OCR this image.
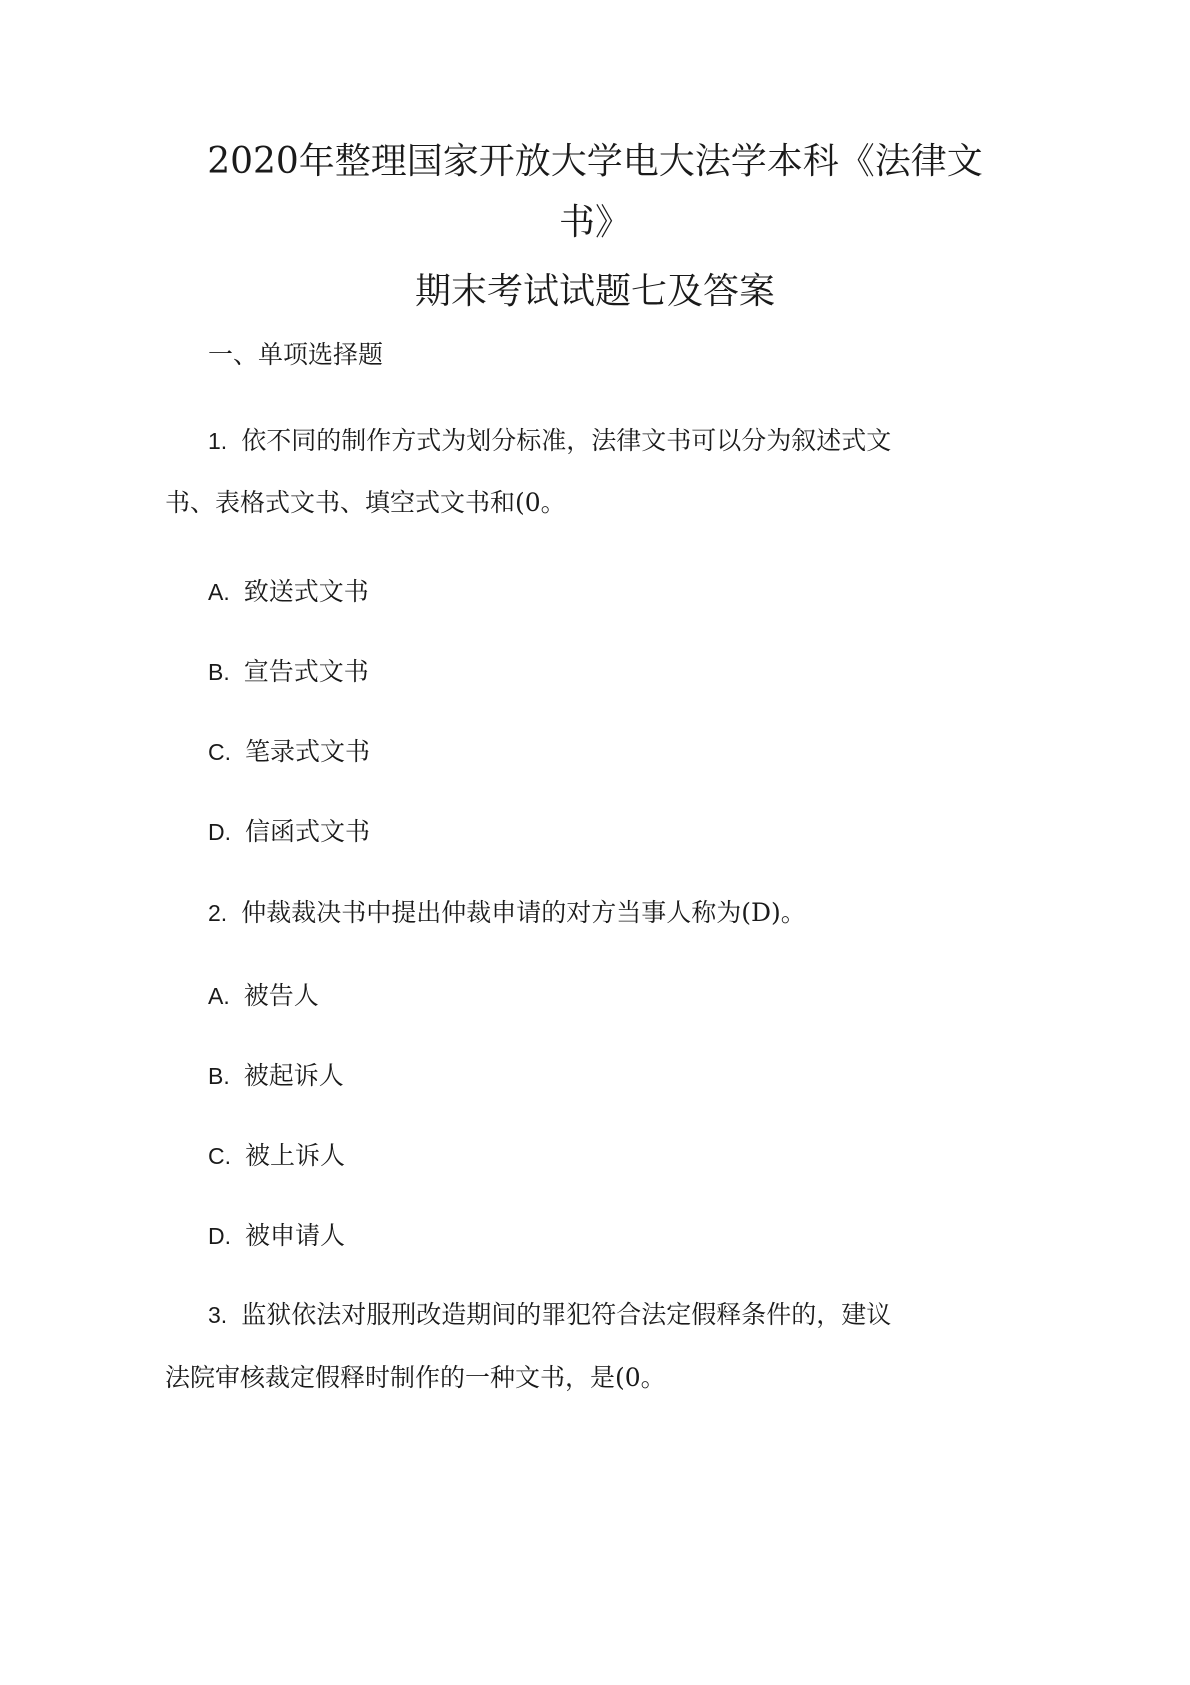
2020年整理国家开放大学电大法学本科《法律文
书》
期末考试试题七及答案
一、单项选择题
1. 依不同的制作方式为划分标准，法律文书可以分为叙述式文
书、表格式文书、填空式文书和(0。
A. 致送式文书
B. 宣告式文书
C. 笔录式文书
D. 信函式文书
2. 仲裁裁决书中提出仲裁申请的对方当事人称为(D)。
A. 被告人
B. 被起诉人
C. 被上诉人
D. 被申请人
3. 监狱依法对服刑改造期间的罪犯符合法定假释条件的，建议
法院审核裁定假释时制作的一种文书，是(0。
